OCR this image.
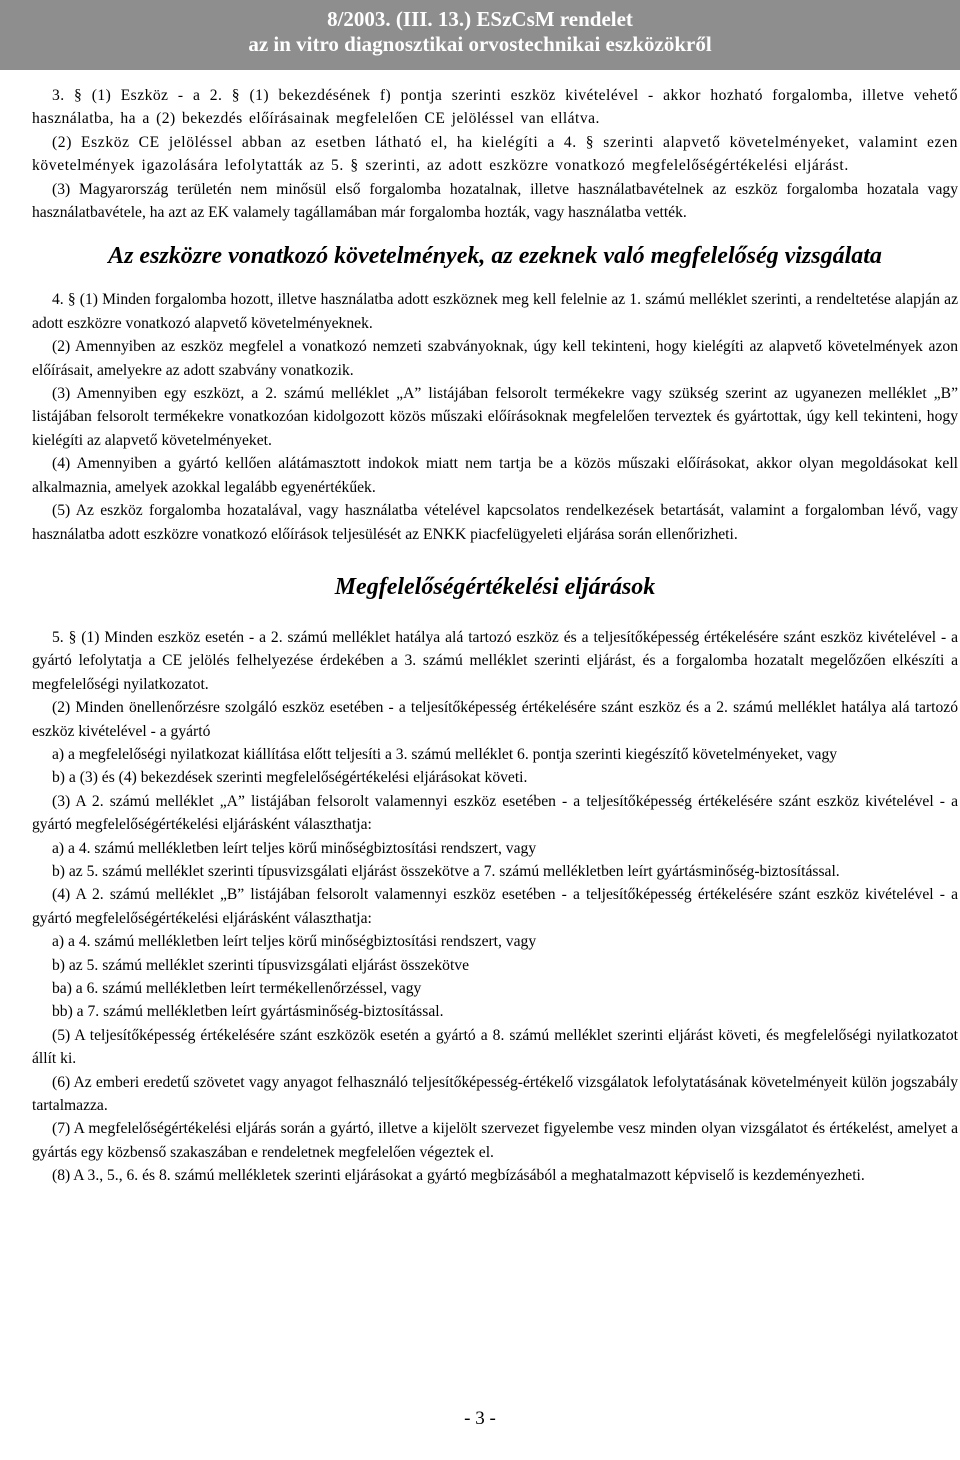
8/2003. (III. 13.) ESzCsM rendelet
az in vitro diagnosztikai orvostechnikai eszközökről

3. § (1) Eszköz - a 2. § (1) bekezdésének f) pontja szerinti eszköz kivételével - akkor hozható forgalomba, illetve vehető használatba, ha a (2) bekezdés előírásainak megfelelően CE jelöléssel van ellátva.

(2) Eszköz CE jelöléssel abban az esetben látható el, ha kielégíti a 4. § szerinti alapvető követelményeket, valamint ezen követelmények igazolására lefolytatták az 5. § szerinti, az adott eszközre vonatkozó megfelelőségértékelési eljárást.

(3) Magyarország területén nem minősül első forgalomba hozatalnak, illetve használatbavételnek az eszköz forgalomba hozatala vagy használatbavétele, ha azt az EK valamely tagállamában már forgalomba hozták, vagy használatba vették.

Az eszközre vonatkozó követelmények, az ezeknek való megfelelőség vizsgálata

4. § (1) Minden forgalomba hozott, illetve használatba adott eszköznek meg kell felelnie az 1. számú melléklet szerinti, a rendeltetése alapján az adott eszközre vonatkozó alapvető követelményeknek.

(2) Amennyiben az eszköz megfelel a vonatkozó nemzeti szabványoknak, úgy kell tekinteni, hogy kielégíti az alapvető követelmények azon előírásait, amelyekre az adott szabvány vonatkozik.

(3) Amennyiben egy eszközt, a 2. számú melléklet „A” listájában felsorolt termékekre vagy szükség szerint az ugyanezen melléklet „B” listájában felsorolt termékekre vonatkozóan kidolgozott közös műszaki előírásoknak megfelelően terveztek és gyártottak, úgy kell tekinteni, hogy kielégíti az alapvető követelményeket.

(4) Amennyiben a gyártó kellően alátámasztott indokok miatt nem tartja be a közös műszaki előírásokat, akkor olyan megoldásokat kell alkalmaznia, amelyek azokkal legalább egyenértékűek.

(5) Az eszköz forgalomba hozatalával, vagy használatba vételével kapcsolatos rendelkezések betartását, valamint a forgalomban lévő, vagy használatba adott eszközre vonatkozó előírások teljesülését az ENKK piacfelügyeleti eljárása során ellenőrizheti.

Megfelelőségértékelési eljárások

5. § (1) Minden eszköz esetén - a 2. számú melléklet hatálya alá tartozó eszköz és a teljesítőképesség értékelésére szánt eszköz kivételével - a gyártó lefolytatja a CE jelölés felhelyezése érdekében a 3. számú melléklet szerinti eljárást, és a forgalomba hozatalt megelőzően elkészíti a megfelelőségi nyilatkozatot.

(2) Minden önellenőrzésre szolgáló eszköz esetében - a teljesítőképesség értékelésére szánt eszköz és a 2. számú melléklet hatálya alá tartozó eszköz kivételével - a gyártó

a) a megfelelőségi nyilatkozat kiállítása előtt teljesíti a 3. számú melléklet 6. pontja szerinti kiegészítő követelményeket, vagy

b) a (3) és (4) bekezdések szerinti megfelelőségértékelési eljárásokat követi.

(3) A 2. számú melléklet „A” listájában felsorolt valamennyi eszköz esetében - a teljesítőképesség értékelésére szánt eszköz kivételével - a gyártó megfelelőségértékelési eljárásként választhatja:

a) a 4. számú mellékletben leírt teljes körű minőségbiztosítási rendszert, vagy

b) az 5. számú melléklet szerinti típusvizsgálati eljárást összekötve a 7. számú mellékletben leírt gyártásminőség-biztosítással.

(4) A 2. számú melléklet „B” listájában felsorolt valamennyi eszköz esetében - a teljesítőképesség értékelésére szánt eszköz kivételével - a gyártó megfelelőségértékelési eljárásként választhatja:

a) a 4. számú mellékletben leírt teljes körű minőségbiztosítási rendszert, vagy

b) az 5. számú melléklet szerinti típusvizsgálati eljárást összekötve

ba) a 6. számú mellékletben leírt termékellenőrzéssel, vagy

bb) a 7. számú mellékletben leírt gyártásminőség-biztosítással.

(5) A teljesítőképesség értékelésére szánt eszközök esetén a gyártó a 8. számú melléklet szerinti eljárást követi, és megfelelőségi nyilatkozatot állít ki.

(6) Az emberi eredetű szövetet vagy anyagot felhasználó teljesítőképesség-értékelő vizsgálatok lefolytatásának követelményeit külön jogszabály tartalmazza.

(7) A megfelelőségértékelési eljárás során a gyártó, illetve a kijelölt szervezet figyelembe vesz minden olyan vizsgálatot és értékelést, amelyet a gyártás egy közbenső szakaszában e rendeletnek megfelelően végeztek el.

(8) A 3., 5., 6. és 8. számú mellékletek szerinti eljárásokat a gyártó megbízásából a meghatalmazott képviselő is kezdeményezheti.

- 3 -
